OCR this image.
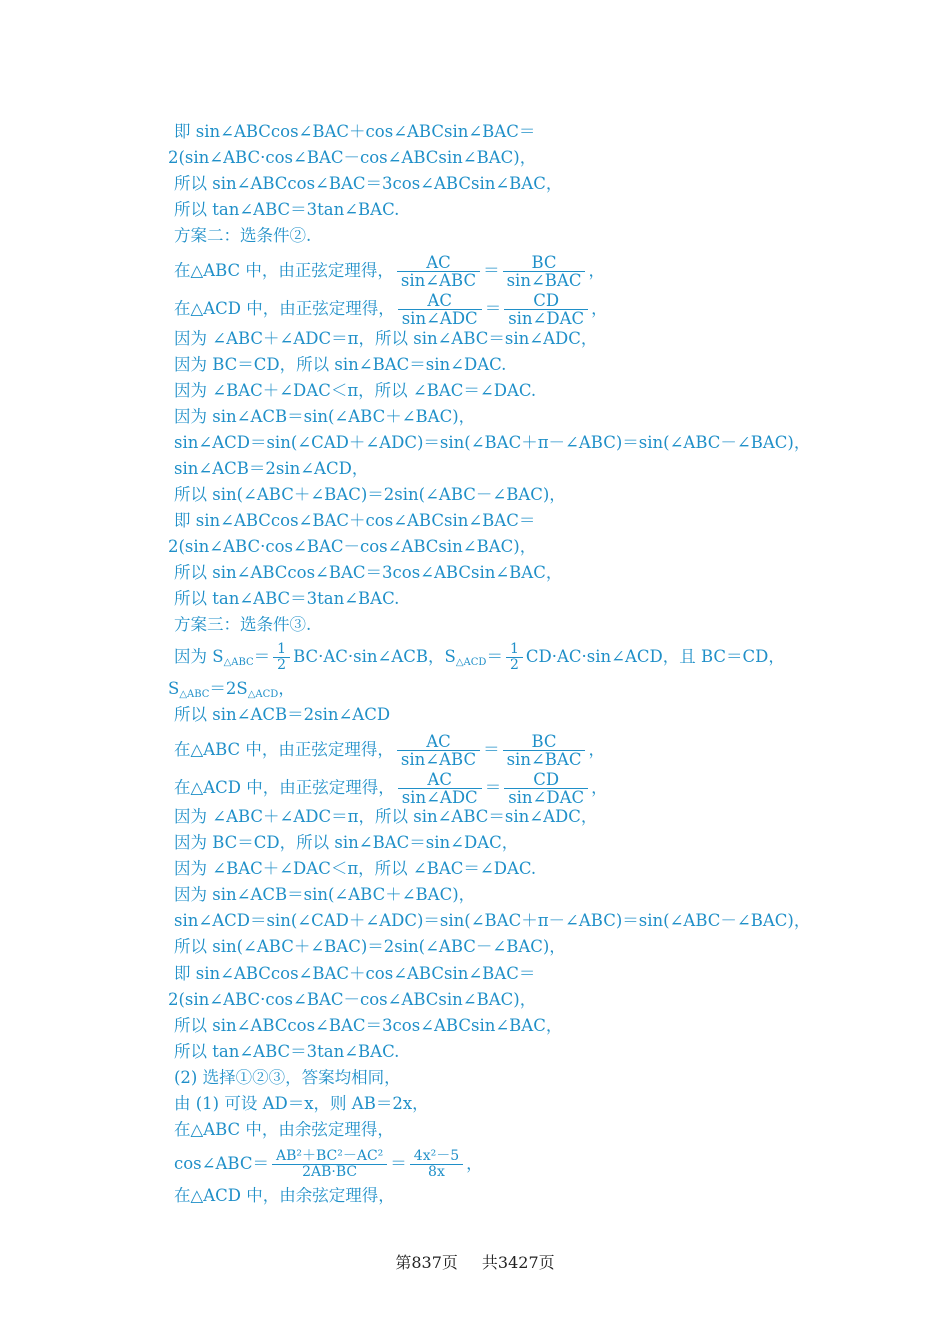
即 sin∠ABCcos∠BAC＋cos∠ABCsin∠BAC＝
2(sin∠ABC·cos∠BAC－cos∠ABCsin∠BAC)，
所以 sin∠ABCcos∠BAC＝3cos∠ABCsin∠BAC，
所以 tan∠ABC＝3tan∠BAC.
方案二：选条件②.
在△ABC 中，由正弦定理得， $\frac{AC}{\text{sin∠ABC}} = \frac{BC}{\text{sin∠BAC}}$ ，
在△ACD 中，由正弦定理得， $\frac{AC}{\text{sin∠ADC}} = \frac{CD}{\text{sin∠DAC}}$ ，
因为 ∠ABC＋∠ADC＝π，所以 sin∠ABC＝sin∠ADC，
因为 BC＝CD，所以 sin∠BAC＝sin∠DAC.
因为 ∠BAC＋∠DAC＜π，所以 ∠BAC＝∠DAC.
因为 sin∠ACB＝sin(∠ABC＋∠BAC)，
sin∠ACD＝sin(∠CAD＋∠ADC)＝sin(∠BAC＋π－∠ABC)＝sin(∠ABC－∠BAC)，
sin∠ACB＝2sin∠ACD，
所以 sin(∠ABC＋∠BAC)＝2sin(∠ABC－∠BAC)，
即 sin∠ABCcos∠BAC＋cos∠ABCsin∠BAC＝
2(sin∠ABC·cos∠BAC－cos∠ABCsin∠BAC)，
所以 sin∠ABCcos∠BAC＝3cos∠ABCsin∠BAC，
所以 tan∠ABC＝3tan∠BAC.
方案三：选条件③.
因为 $S_{\triangle ABC}= \frac{1}{2}$ BC·AC·sin∠ACB，$S_{\triangle ACD}= \frac{1}{2}$ CD·AC·sin∠ACD，且 BC＝CD，
$S_{\triangle ABC}=2S_{\triangle ACD}$，
所以 sin∠ACB＝2sin∠ACD
在△ABC 中，由正弦定理得， $\frac{AC}{\text{sin∠ABC}} = \frac{BC}{\text{sin∠BAC}}$ ，
在△ACD 中，由正弦定理得， $\frac{AC}{\text{sin∠ADC}} = \frac{CD}{\text{sin∠DAC}}$ ，
因为 ∠ABC＋∠ADC＝π，所以 sin∠ABC＝sin∠ADC，
因为 BC＝CD，所以 sin∠BAC＝sin∠DAC，
因为 ∠BAC＋∠DAC＜π，所以 ∠BAC＝∠DAC.
因为 sin∠ACB＝sin(∠ABC＋∠BAC)，
sin∠ACD＝sin(∠CAD＋∠ADC)＝sin(∠BAC＋π－∠ABC)＝sin(∠ABC－∠BAC)，
所以 sin(∠ABC＋∠BAC)＝2sin(∠ABC－∠BAC)，
即 sin∠ABCcos∠BAC＋cos∠ABCsin∠BAC＝
2(sin∠ABC·cos∠BAC－cos∠ABCsin∠BAC)，
所以 sin∠ABCcos∠BAC＝3cos∠ABCsin∠BAC，
所以 tan∠ABC＝3tan∠BAC.
(2) 选择①②③，答案均相同，
由 (1) 可设 AD＝x，则 AB＝2x，
在△ABC 中，由余弦定理得，
cos∠ABC＝ $\frac{\text{AB²＋BC²－AC²}}{2AB\cdot BC} = \frac{\text{4x²－5}}{8x}$ ，
在△ACD 中，由余弦定理得，
第837页 共3427页
